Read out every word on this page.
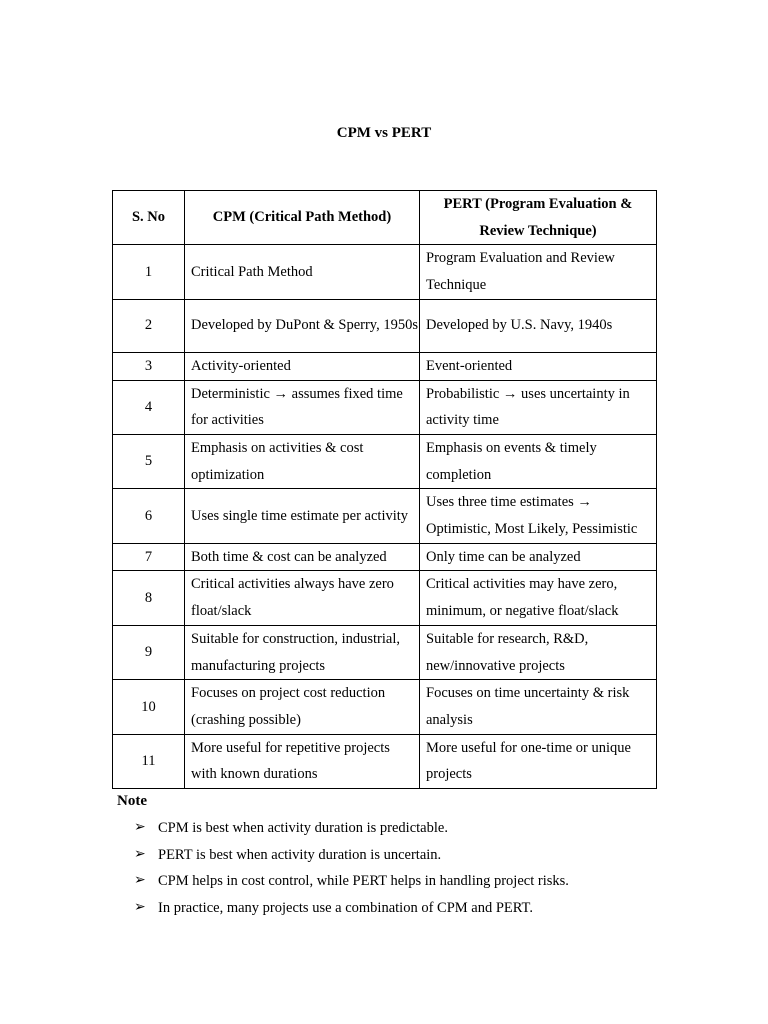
CPM vs PERT
S. No	CPM (Critical Path Method)	PERT (Program Evaluation & Review Technique)
1	Critical Path Method	Program Evaluation and Review Technique
2	Developed by DuPont & Sperry, 1950s	Developed by U.S. Navy, 1940s
3	Activity-oriented	Event-oriented
4	Deterministic → assumes fixed time for activities	Probabilistic → uses uncertainty in activity time
5	Emphasis on activities & cost optimization	Emphasis on events & timely completion
6	Uses single time estimate per activity	Uses three time estimates → Optimistic, Most Likely, Pessimistic
7	Both time & cost can be analyzed	Only time can be analyzed
8	Critical activities always have zero float/slack	Critical activities may have zero, minimum, or negative float/slack
9	Suitable for construction, industrial, manufacturing projects	Suitable for research, R&D, new/innovative projects
10	Focuses on project cost reduction (crashing possible)	Focuses on time uncertainty & risk analysis
11	More useful for repetitive projects with known durations	More useful for one-time or unique projects
Note
➢ CPM is best when activity duration is predictable.
➢ PERT is best when activity duration is uncertain.
➢ CPM helps in cost control, while PERT helps in handling project risks.
➢ In practice, many projects use a combination of CPM and PERT.
